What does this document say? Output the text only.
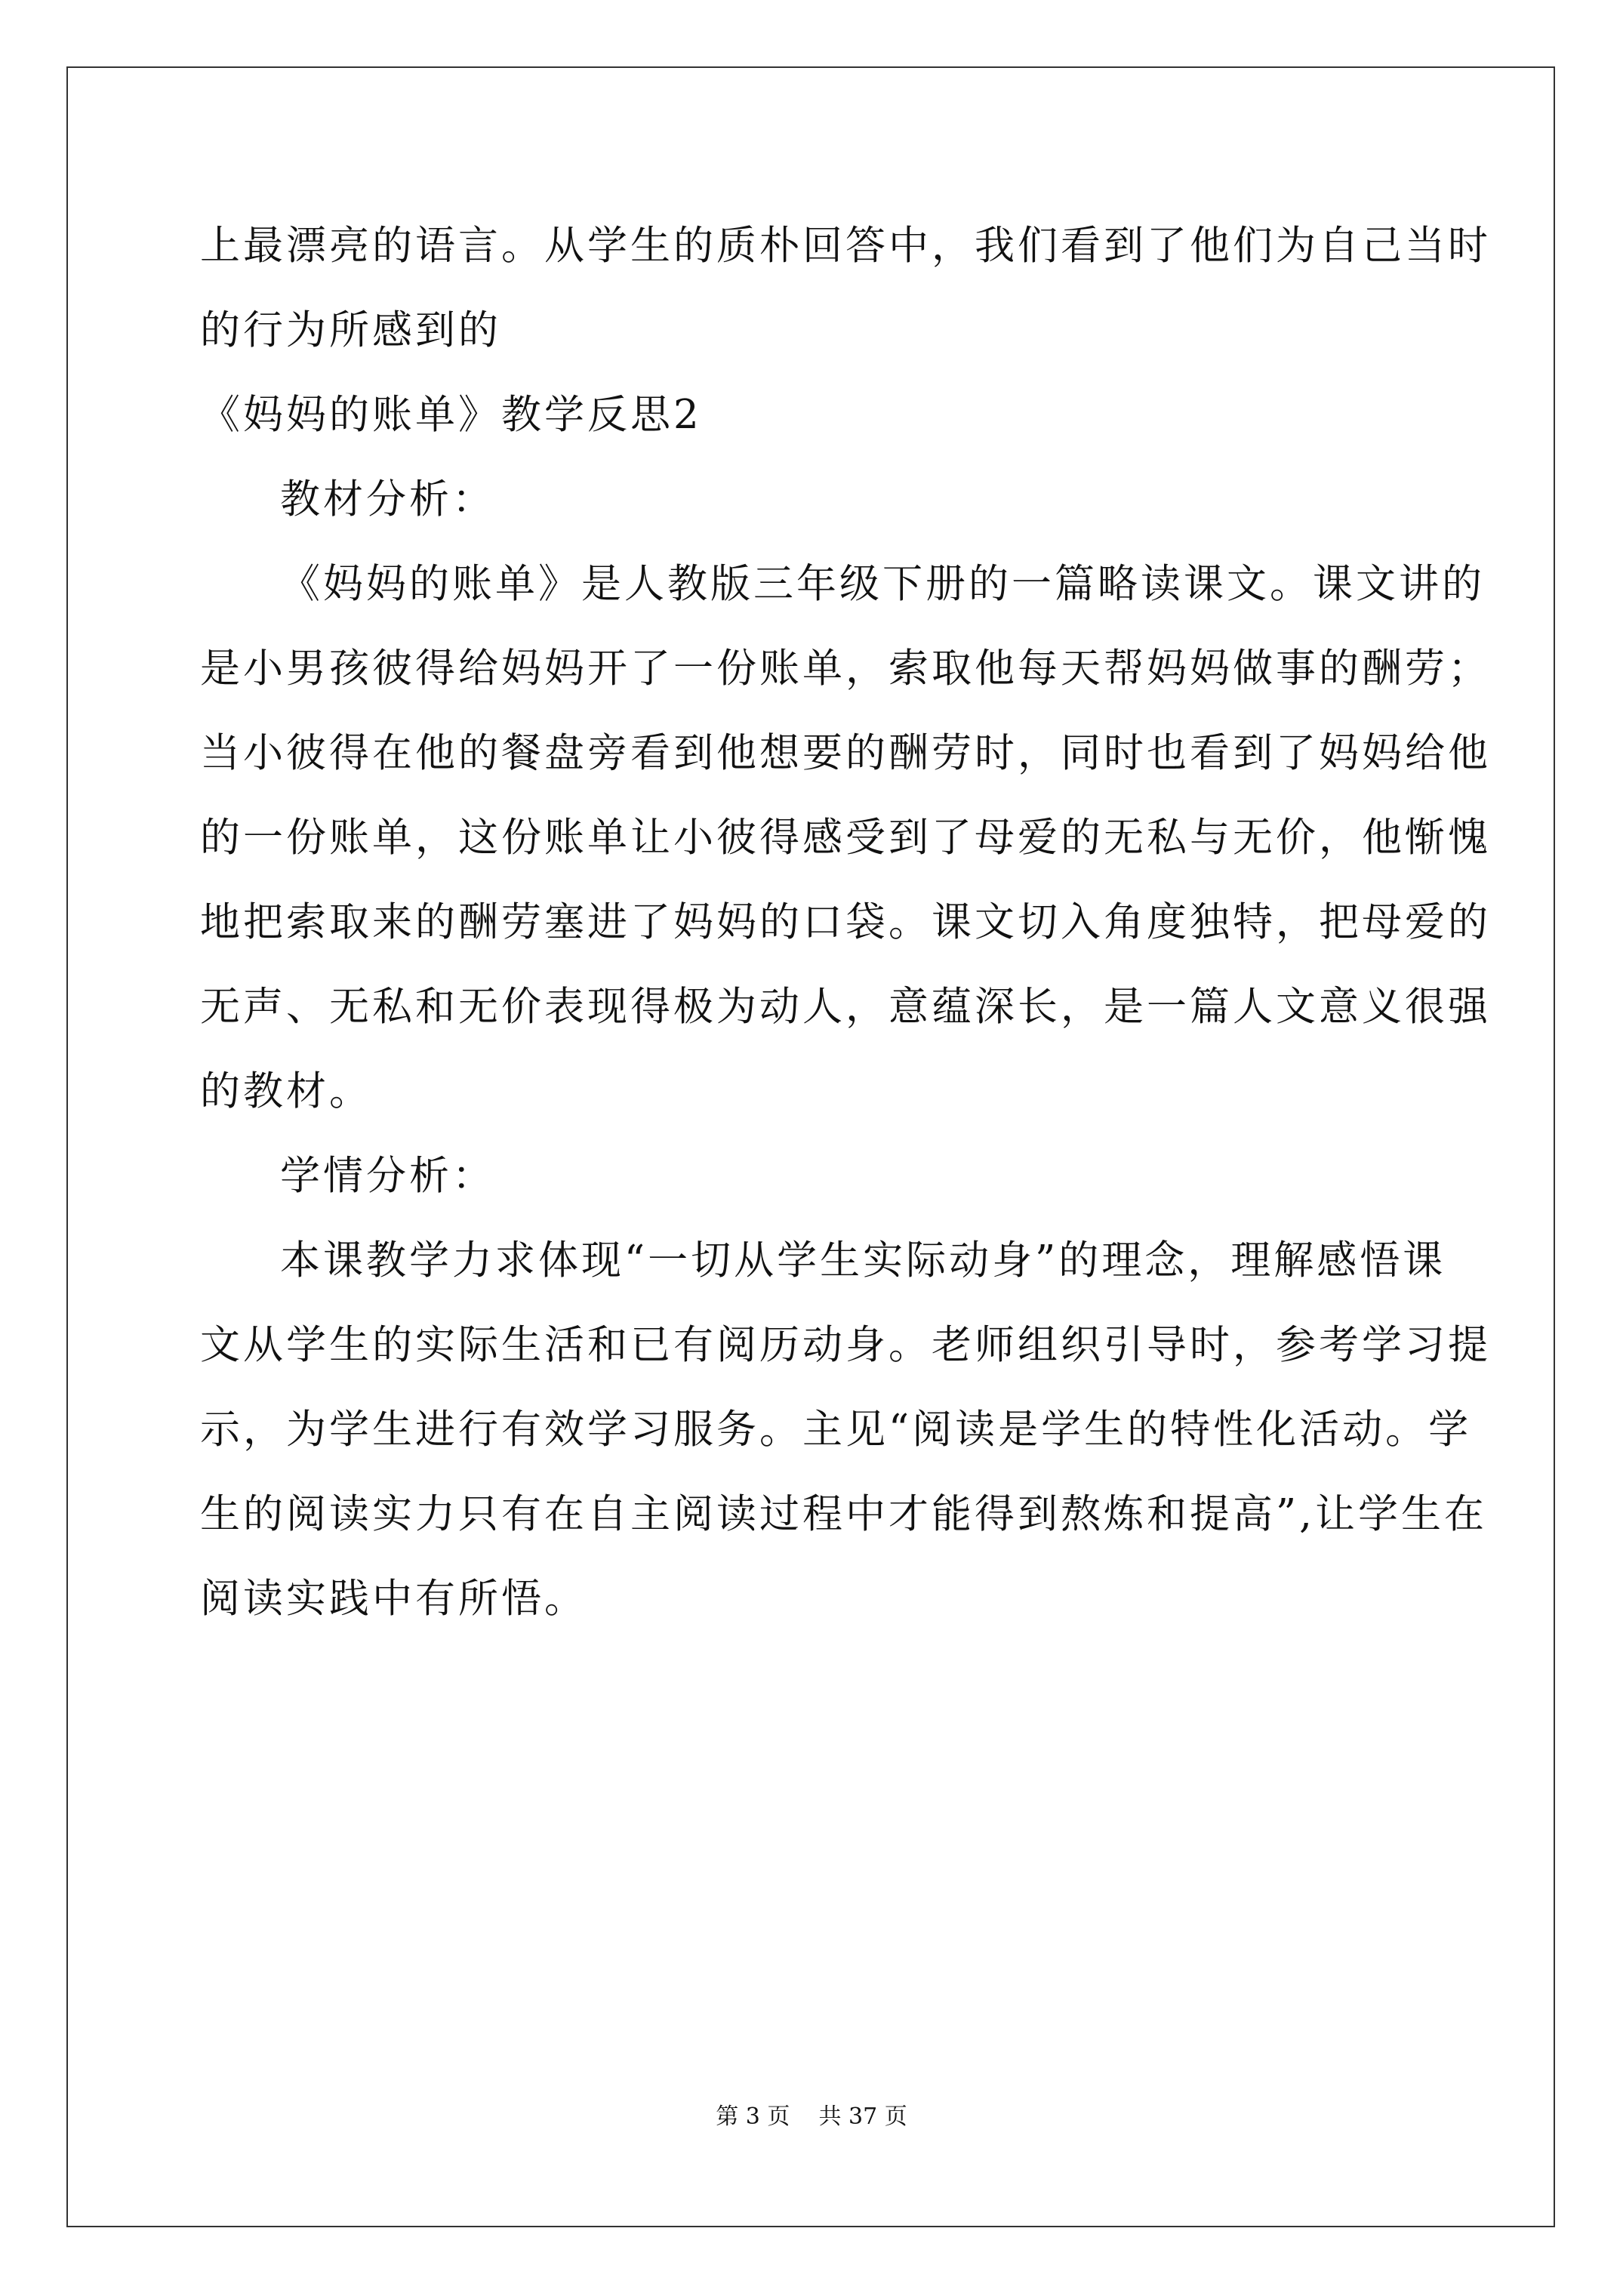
上最漂亮的语言。从学生的质朴回答中，我们看到了他们为自己当时
的行为所感到的
《妈妈的账单》教学反思2
教材分析：
《妈妈的账单》是人教版三年级下册的一篇略读课文。课文讲的
是小男孩彼得给妈妈开了一份账单，索取他每天帮妈妈做事的酬劳；
当小彼得在他的餐盘旁看到他想要的酬劳时，同时也看到了妈妈给他
的一份账单，这份账单让小彼得感受到了母爱的无私与无价，他惭愧
地把索取来的酬劳塞进了妈妈的口袋。课文切入角度独特，把母爱的
无声、无私和无价表现得极为动人，意蕴深长，是一篇人文意义很强
的教材。
学情分析：
本课教学力求体现“一切从学生实际动身”的理念，理解感悟课
文从学生的实际生活和已有阅历动身。老师组织引导时，参考学习提
示，为学生进行有效学习服务。主见“阅读是学生的特性化活动。学
生的阅读实力只有在自主阅读过程中才能得到熬炼和提高”,让学生在
阅读实践中有所悟。
第 3 页    共 37 页
